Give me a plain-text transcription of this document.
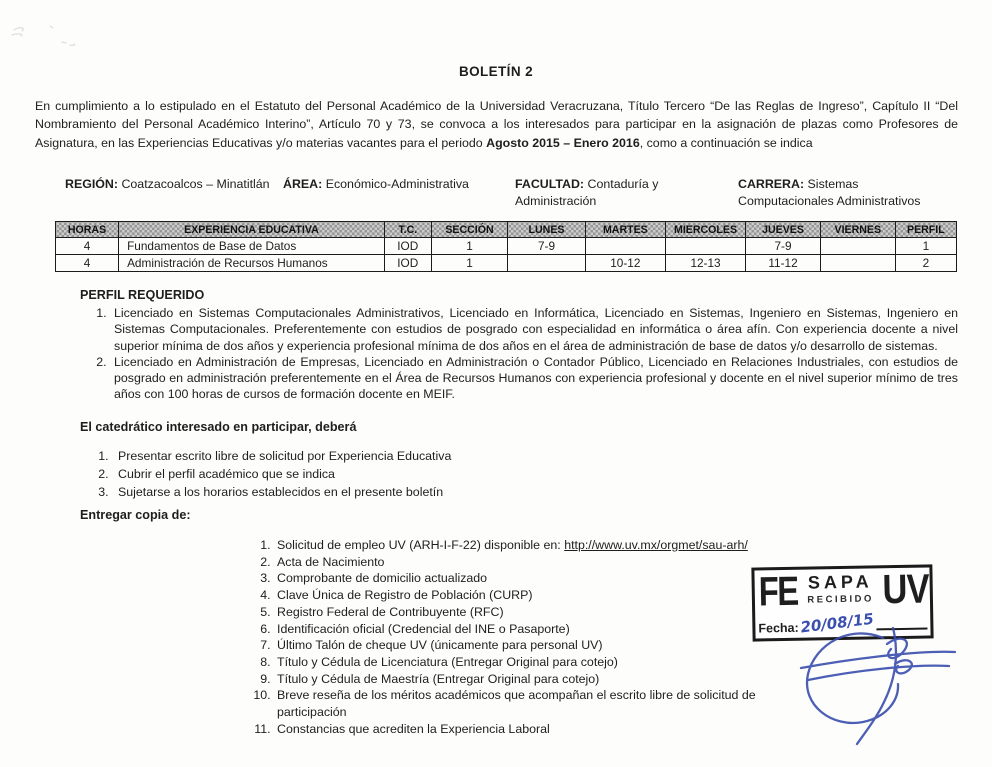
BOLETÍN 2

En cumplimiento a lo estipulado en el Estatuto del Personal Académico de la Universidad Veracruzana, Título Tercero “De las Reglas de Ingreso”, Capítulo II “Del Nombramiento del Personal Académico Interino”, Artículo 70 y 73, se convoca a los interesados para participar en la asignación de plazas como Profesores de Asignatura, en las Experiencias Educativas y/o materias vacantes para el periodo Agosto 2015 – Enero 2016, como a continuación se indica

REGIÓN: Coatzacoalcos – Minatitlán	ÁREA: Económico-Administrativa	FACULTAD: Contaduría y Administración
CARRERA: Sistemas Computacionales Administrativos
HORAS	EXPERIENCIA EDUCATIVA	T.C.	SECCIÓN	LUNES	MARTES	MIERCOLES	JUEVES	VIERNES	PERFIL
4	Fundamentos de Base de Datos	IOD	1	7-9			7-9		1
4	Administración de Recursos Humanos	IOD	1		10-12	12-13	11-12		2
PERFIL REQUERIDO
1. Licenciado en Sistemas Computacionales Administrativos, Licenciado en Informática, Licenciado en Sistemas, Ingeniero en Sistemas, Ingeniero en Sistemas Computacionales. Preferentemente con estudios de posgrado con especialidad en informática o área afín. Con experiencia docente a nivel superior mínima de dos años y experiencia profesional mínima de dos años en el área de administración de base de datos y/o desarrollo de sistemas.
2. Licenciado en Administración de Empresas, Licenciado en Administración o Contador Público, Licenciado en Relaciones Industriales, con estudios de posgrado en administración preferentemente en el Área de Recursos Humanos con experiencia profesional y docente en el nivel superior mínimo de tres años con 100 horas de cursos de formación docente en MEIF.
El catedrático interesado en participar, deberá
1. Presentar escrito libre de solicitud por Experiencia Educativa
2. Cubrir el perfil académico que se indica
3. Sujetarse a los horarios establecidos en el presente boletín
Entregar copia de:
1. Solicitud de empleo UV (ARH-I-F-22) disponible en: http://www.uv.mx/orgmet/sau-arh/
2. Acta de Nacimiento
3. Comprobante de domicilio actualizado
4. Clave Única de Registro de Población (CURP)
5. Registro Federal de Contribuyente (RFC)
6. Identificación oficial (Credencial del INE o Pasaporte)
7. Último Talón de cheque UV (únicamente para personal UV)
8. Título y Cédula de Licenciatura (Entregar Original para cotejo)
9. Título y Cédula de Maestría (Entregar Original para cotejo)
10. Breve reseña de los méritos académicos que acompañan el escrito libre de solicitud de participación
11. Constancias que acrediten la Experiencia Laboral
FE SAPA
RECIBIDO UV
Fecha: 20/08/15
